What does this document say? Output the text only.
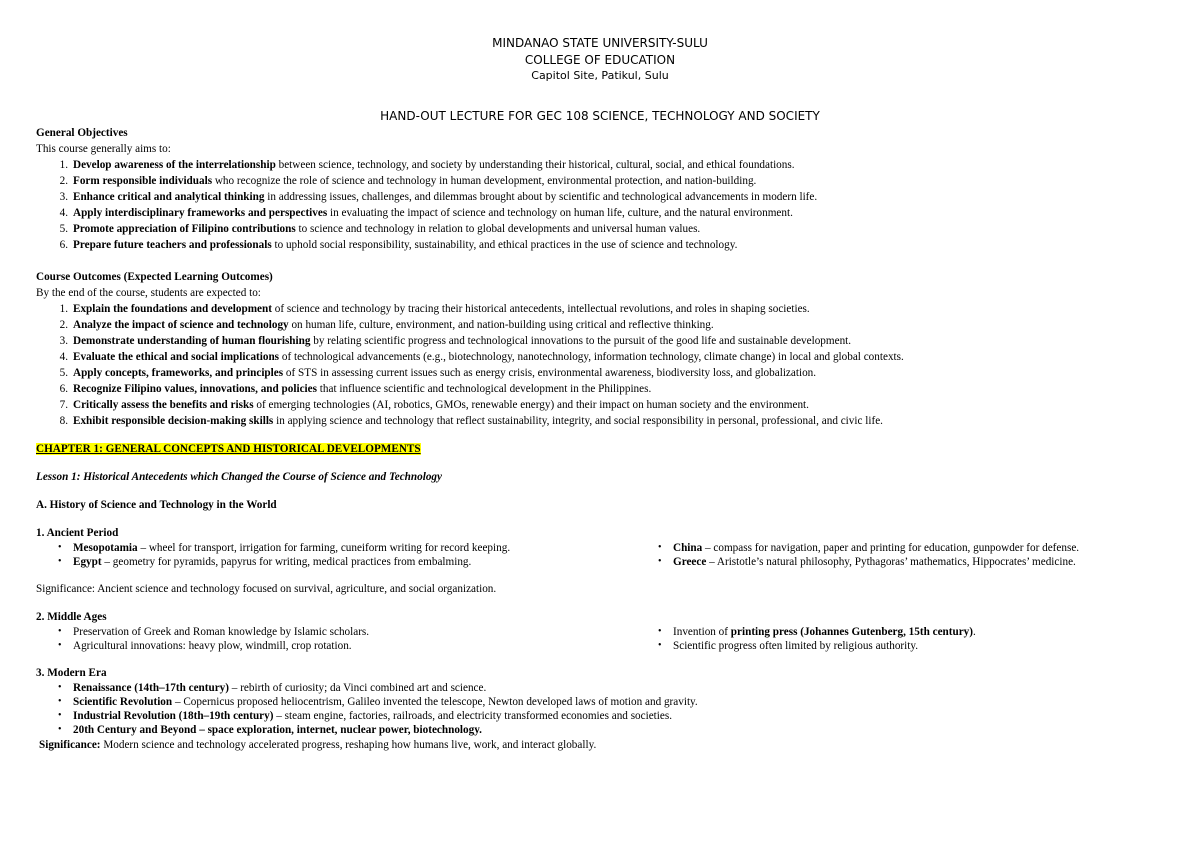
MINDANAO STATE UNIVERSITY-SULU
COLLEGE OF EDUCATION
Capitol Site, Patikul, Sulu
HAND-OUT LECTURE FOR GEC 108 SCIENCE, TECHNOLOGY AND SOCIETY
General Objectives
This course generally aims to:
1. Develop awareness of the interrelationship between science, technology, and society by understanding their historical, cultural, social, and ethical foundations.
2. Form responsible individuals who recognize the role of science and technology in human development, environmental protection, and nation-building.
3. Enhance critical and analytical thinking in addressing issues, challenges, and dilemmas brought about by scientific and technological advancements in modern life.
4. Apply interdisciplinary frameworks and perspectives in evaluating the impact of science and technology on human life, culture, and the natural environment.
5. Promote appreciation of Filipino contributions to science and technology in relation to global developments and universal human values.
6. Prepare future teachers and professionals to uphold social responsibility, sustainability, and ethical practices in the use of science and technology.
Course Outcomes (Expected Learning Outcomes)
By the end of the course, students are expected to:
1. Explain the foundations and development of science and technology by tracing their historical antecedents, intellectual revolutions, and roles in shaping societies.
2. Analyze the impact of science and technology on human life, culture, environment, and nation-building using critical and reflective thinking.
3. Demonstrate understanding of human flourishing by relating scientific progress and technological innovations to the pursuit of the good life and sustainable development.
4. Evaluate the ethical and social implications of technological advancements (e.g., biotechnology, nanotechnology, information technology, climate change) in local and global contexts.
5. Apply concepts, frameworks, and principles of STS in assessing current issues such as energy crisis, environmental awareness, biodiversity loss, and globalization.
6. Recognize Filipino values, innovations, and policies that influence scientific and technological development in the Philippines.
7. Critically assess the benefits and risks of emerging technologies (AI, robotics, GMOs, renewable energy) and their impact on human society and the environment.
8. Exhibit responsible decision-making skills in applying science and technology that reflect sustainability, integrity, and social responsibility in personal, professional, and civic life.
CHAPTER 1: GENERAL CONCEPTS AND HISTORICAL DEVELOPMENTS
Lesson 1: Historical Antecedents which Changed the Course of Science and Technology
A. History of Science and Technology in the World
1. Ancient Period
• Mesopotamia – wheel for transport, irrigation for farming, cuneiform writing for record keeping.
• Egypt – geometry for pyramids, papyrus for writing, medical practices from embalming.
• China – compass for navigation, paper and printing for education, gunpowder for defense.
• Greece – Aristotle’s natural philosophy, Pythagoras’ mathematics, Hippocrates’ medicine.
Significance: Ancient science and technology focused on survival, agriculture, and social organization.
2. Middle Ages
• Preservation of Greek and Roman knowledge by Islamic scholars.
• Agricultural innovations: heavy plow, windmill, crop rotation.
• Invention of printing press (Johannes Gutenberg, 15th century).
• Scientific progress often limited by religious authority.
3. Modern Era
• Renaissance (14th–17th century) – rebirth of curiosity; da Vinci combined art and science.
• Scientific Revolution – Copernicus proposed heliocentrism, Galileo invented the telescope, Newton developed laws of motion and gravity.
• Industrial Revolution (18th–19th century) – steam engine, factories, railroads, and electricity transformed economies and societies.
• 20th Century and Beyond – space exploration, internet, nuclear power, biotechnology.
Significance: Modern science and technology accelerated progress, reshaping how humans live, work, and interact globally.
